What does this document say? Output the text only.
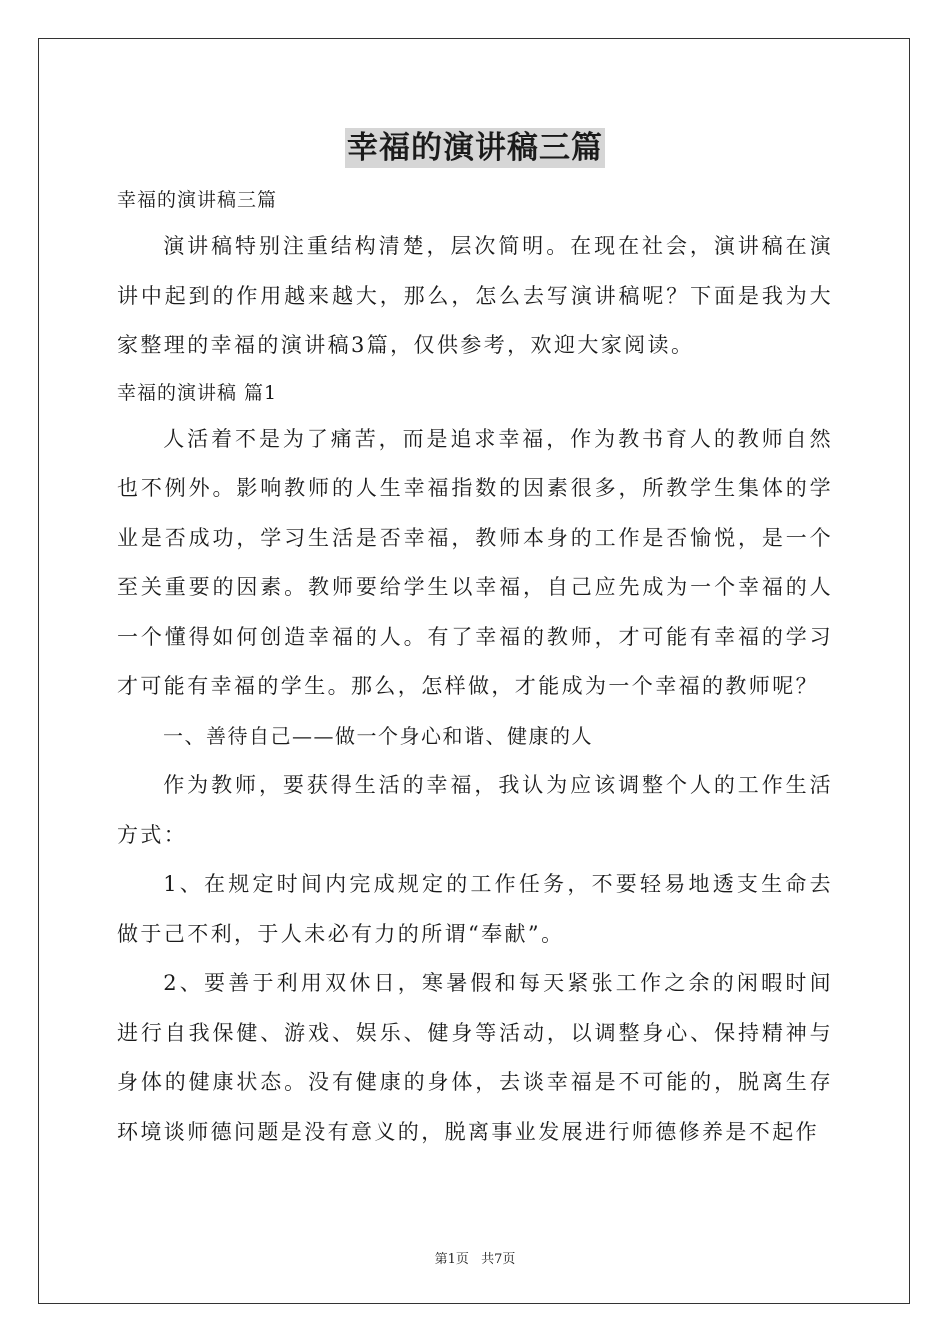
幸福的演讲稿三篇
幸福的演讲稿三篇

演讲稿特别注重结构清楚，层次简明。在现在社会，演讲稿在演讲中起到的作用越来越大，那么，怎么去写演讲稿呢？下面是我为大家整理的幸福的演讲稿3篇，仅供参考，欢迎大家阅读。

幸福的演讲稿 篇1

人活着不是为了痛苦，而是追求幸福，作为教书育人的教师自然也不例外。影响教师的人生幸福指数的因素很多，所教学生集体的学业是否成功，学习生活是否幸福，教师本身的工作是否愉悦，是一个至关重要的因素。教师要给学生以幸福，自己应先成为一个幸福的人一个懂得如何创造幸福的人。有了幸福的教师，才可能有幸福的学习才可能有幸福的学生。那么，怎样做，才能成为一个幸福的教师呢？

一、善待自己——做一个身心和谐、健康的人

作为教师，要获得生活的幸福，我认为应该调整个人的工作生活方式：

1、在规定时间内完成规定的工作任务，不要轻易地透支生命去做于己不利，于人未必有力的所谓“奉献”。

2、要善于利用双休日，寒暑假和每天紧张工作之余的闲暇时间进行自我保健、游戏、娱乐、健身等活动，以调整身心、保持精神与身体的健康状态。没有健康的身体，去谈幸福是不可能的，脱离生存环境谈师德问题是没有意义的，脱离事业发展进行师德修养是不起作

第1页 共7页
